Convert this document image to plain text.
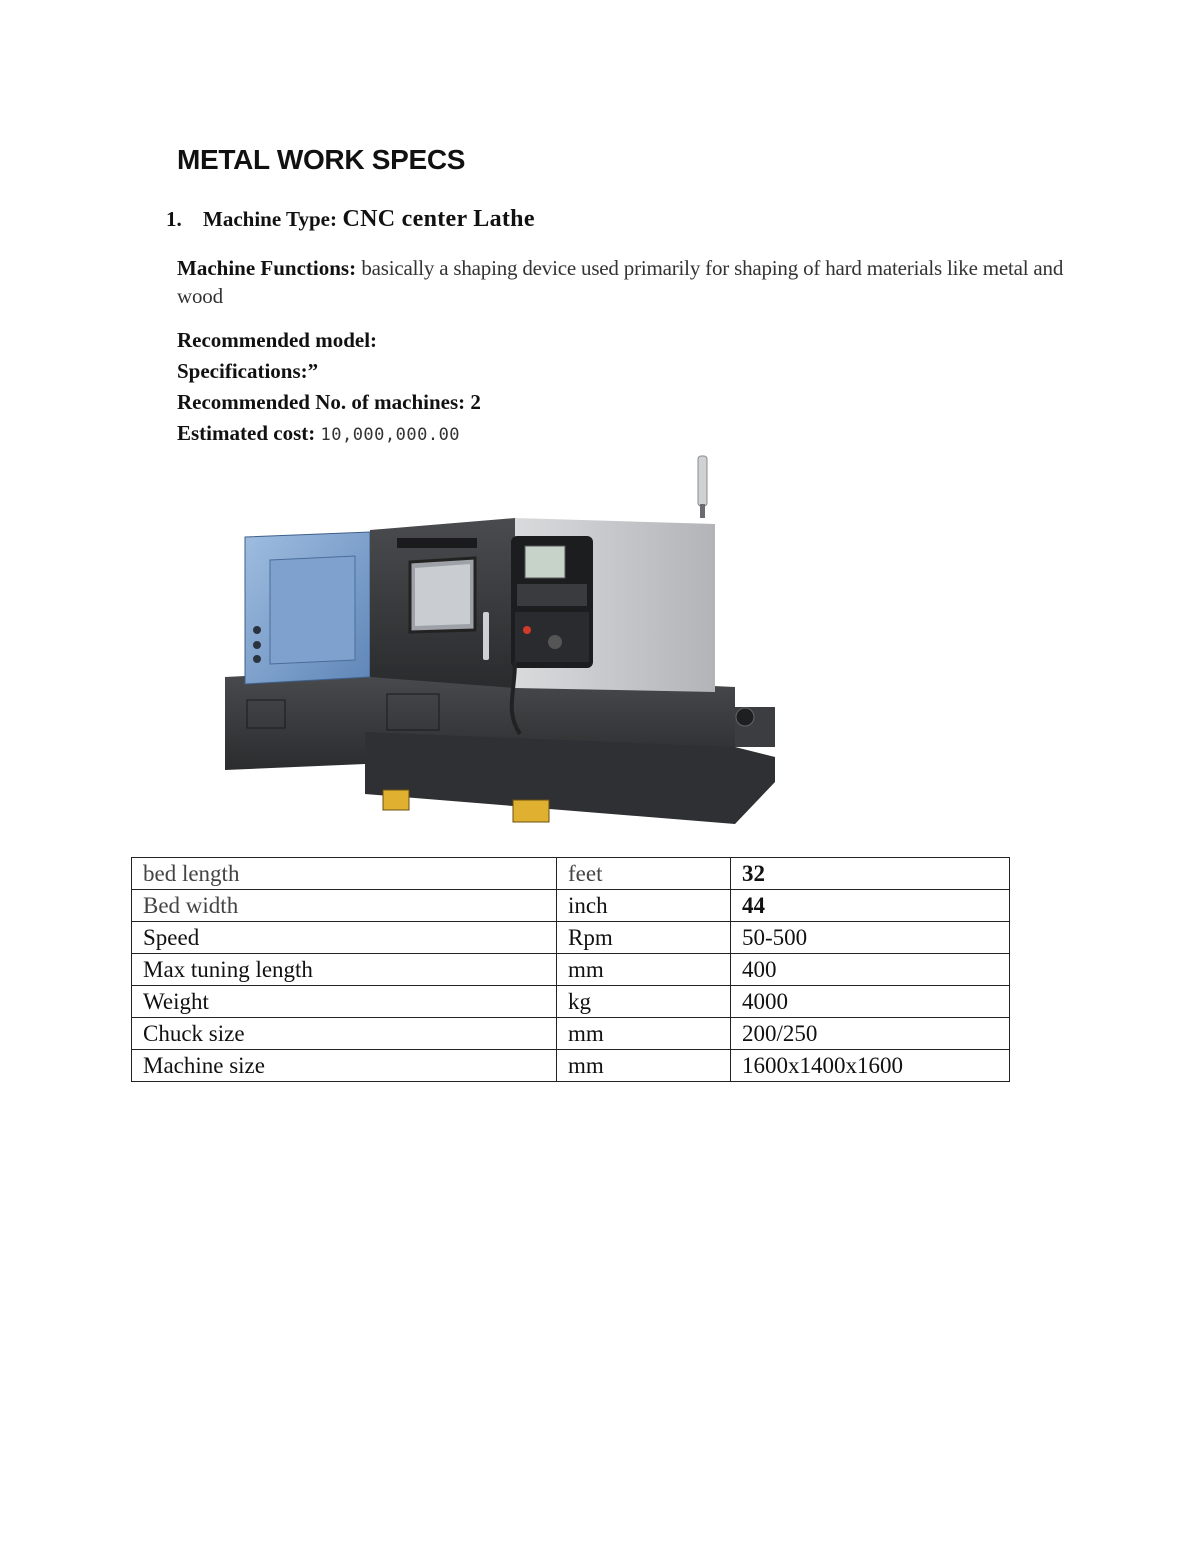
METAL WORK SPECS
1. Machine Type: CNC center Lathe
Machine Functions: basically a shaping device used primarily for shaping of hard materials like metal and wood
Recommended model:
Specifications:”
Recommended No. of machines: 2
Estimated cost: 10,000,000.00
bed length	feet	32
Bed width	inch	44
Speed	Rpm	50-500
Max tuning length	mm	400
Weight	kg	4000
Chuck size	mm	200/250
Machine size	mm	1600x1400x1600
